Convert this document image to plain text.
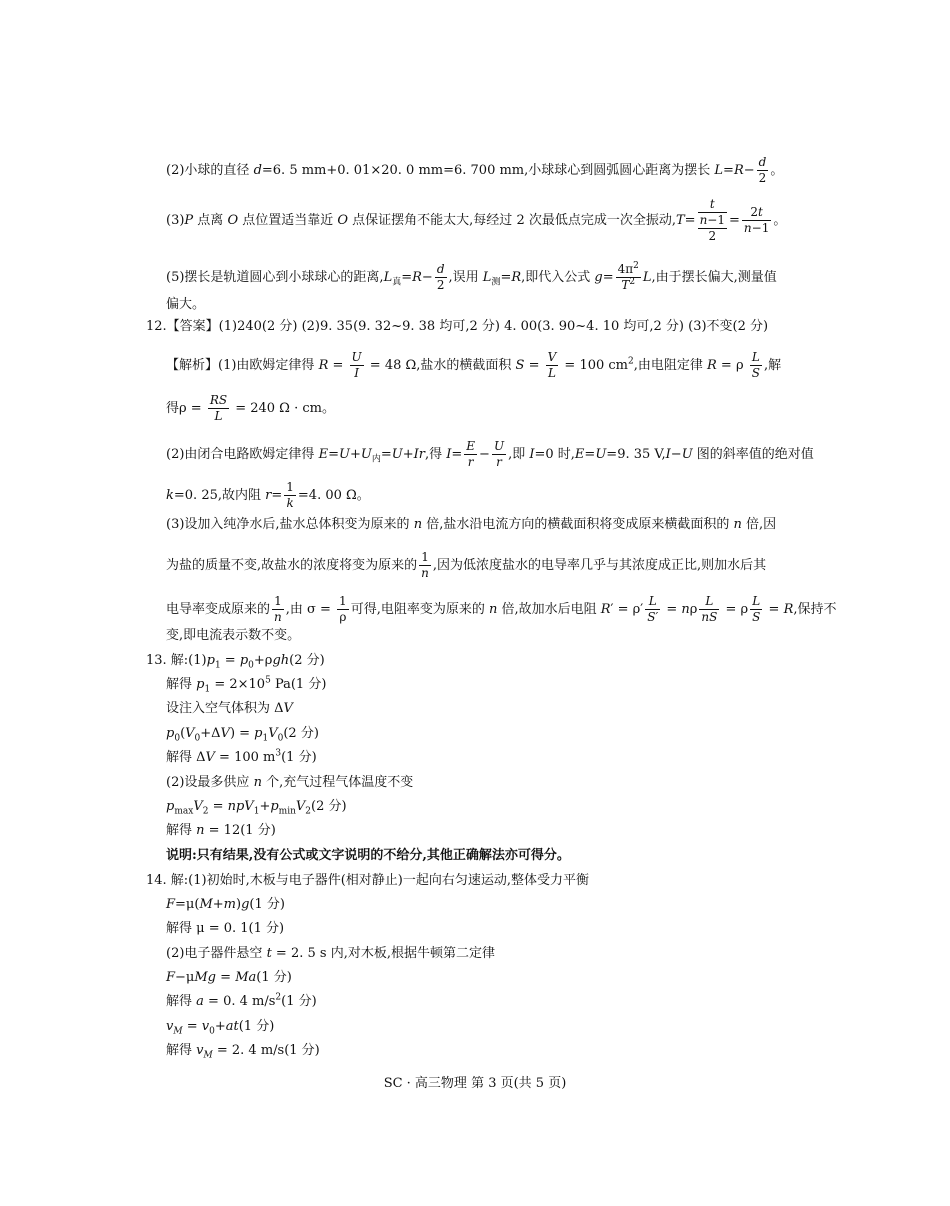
(2)小球的直径 d=6. 5 mm+0. 01×20. 0 mm=6. 700 mm,小球球心到圆弧圆心距离为摆长 $L=R- \frac{d}{2}$ 。
(3)P 点离 O 点位置适当靠近 O 点保证摆角不能太大,每经过 2 次最低点完成一次全振动,T=
t
n−1
2
= $\frac{2t}{n-1}$ 。
(5)摆长是轨道圆心到小球球心的距离$,L_真=R- \frac{d}{2}$ ,误用 $L_测=R$,即代入公式 $g= \frac{4\pi^2}{T^2} L$,由于摆长偏大,测量值
偏大。
12.【答案】(1)240(2 分) (2)9. 35(9. 32~9. 38 均可,2 分) 4. 00(3. 90~4. 10 均可,2 分) (3)不变(2 分)
【解析】(1)由欧姆定律得 $R = \frac{U}{I} = 48$ Ω,盐水的横截面积 $S = \frac{V}{L} = 100$ $cm^2$,由电阻定律 R = ρ $\frac{L}{S}$ ,解
得$\rho = \frac{RS}{L} = 240$ Ω · cm。
(2)由闭合电路欧姆定律得 $E=U+U_内=U+Ir$,得 $I= \frac{E}{r} - \frac{U}{r}$ ,即 I=0 时,E=U=9. 35 V,I−U 图的斜率值的绝对值
k=0. 25,故内阻 $r= \frac{1}{k} =4$. 00 Ω。
(3)设加入纯净水后,盐水总体积变为原来的 n 倍,盐水沿电流方向的横截面积将变成原来横截面积的 n 倍,因
为盐的质量不变,故盐水的浓度将变为原来的 $\frac{1}{n}$ ,因为低浓度盐水的电导率几乎与其浓度成正比,则加水后其
电导率变成原来的 $\frac{1}{n}$ ,由 $\sigma = \frac{1}{\rho}$ 可得,电阻率变为原来的 n 倍,故加水后电阻 $R' = \rho' \frac{L}{S'} = n\rho \frac{L}{nS} = \rho \frac{L}{S} = R$,保持不
变,即电流表示数不变。
13. 解$:(1)p_1 = p_0+\rho gh(2$ 分)
解得 $p_1 = 2\times 10^5$ Pa(1 分)
设注入空气体积为 ΔV
$p_0(V_0+\Delta V) = p_1V_0(2$ 分)
解得 ΔV = 100 $m^3(1$ 分)
(2)设最多供应 n 个,充气过程气体温度不变
$p_{max}V_2 = npV_1+p_{min}V_2(2$ 分)
解得 n = 12(1 分)
说明:只有结果,没有公式或文字说明的不给分,其他正确解法亦可得分。
14. 解:(1)初始时,木板与电子器件(相对静止)一起向右匀速运动,整体受力平衡
F=μ(M+m)g(1 分)
解得 μ = 0. 1(1 分)
(2)电子器件悬空 t = 2. 5 s 内,对木板,根据牛顿第二定律
F−μMg = Ma(1 分)
解得 a = 0. 4 $m/s^2(1$ 分)
$v_M = v_0+at(1$ 分)
解得 $v_M = 2$. 4 m/s(1 分)
SC · 高三物理 第 3 页(共 5 页)
